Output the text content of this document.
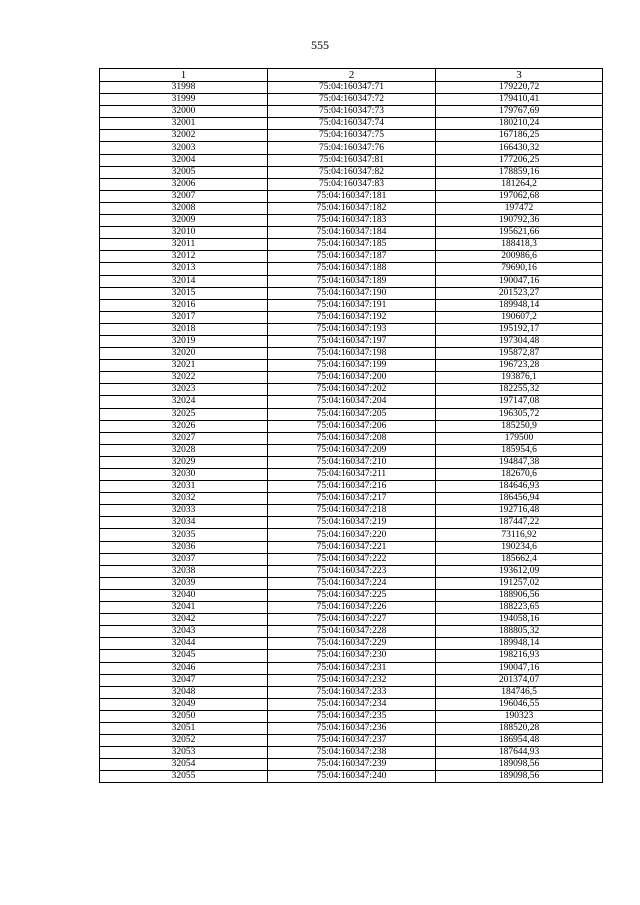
555
1	2	3
31998	75:04:160347:71	179220,72
31999	75:04:160347:72	179410,41
32000	75:04:160347:73	179767,69
32001	75:04:160347:74	180210,24
32002	75:04:160347:75	167186,25
32003	75:04:160347:76	166430,32
32004	75:04:160347:81	177206,25
32005	75:04:160347:82	178859,16
32006	75:04:160347:83	181264,2
32007	75:04:160347:181	197062,68
32008	75:04:160347:182	197472
32009	75:04:160347:183	190792,36
32010	75:04:160347:184	195621,66
32011	75:04:160347:185	188418,3
32012	75:04:160347:187	200986,6
32013	75:04:160347:188	79690,16
32014	75:04:160347:189	190047,16
32015	75:04:160347:190	201523,27
32016	75:04:160347:191	189948,14
32017	75:04:160347:192	190607,2
32018	75:04:160347:193	195192,17
32019	75:04:160347:197	197304,48
32020	75:04:160347:198	195872,87
32021	75:04:160347:199	196723,28
32022	75:04:160347:200	193876,1
32023	75:04:160347:202	182255,32
32024	75:04:160347:204	197147,08
32025	75:04:160347:205	196305,72
32026	75:04:160347:206	185250,9
32027	75:04:160347:208	179500
32028	75:04:160347:209	185954,6
32029	75:04:160347:210	194847,38
32030	75:04:160347:211	182670,6
32031	75:04:160347:216	184646,93
32032	75:04:160347:217	186456,94
32033	75:04:160347:218	192716,48
32034	75:04:160347:219	187447,22
32035	75:04:160347:220	73116,92
32036	75:04:160347:221	190234,6
32037	75:04:160347:222	185662,4
32038	75:04:160347:223	193612,09
32039	75:04:160347:224	191257,02
32040	75:04:160347:225	188906,56
32041	75:04:160347:226	188223,65
32042	75:04:160347:227	194058,16
32043	75:04:160347:228	188805,32
32044	75:04:160347:229	189948,14
32045	75:04:160347:230	198216,93
32046	75:04:160347:231	190047,16
32047	75:04:160347:232	201374,07
32048	75:04:160347:233	184746,5
32049	75:04:160347:234	196046,55
32050	75:04:160347:235	190323
32051	75:04:160347:236	188520,28
32052	75:04:160347:237	186954,48
32053	75:04:160347:238	187644,93
32054	75:04:160347:239	189098,56
32055	75:04:160347:240	189098,56
